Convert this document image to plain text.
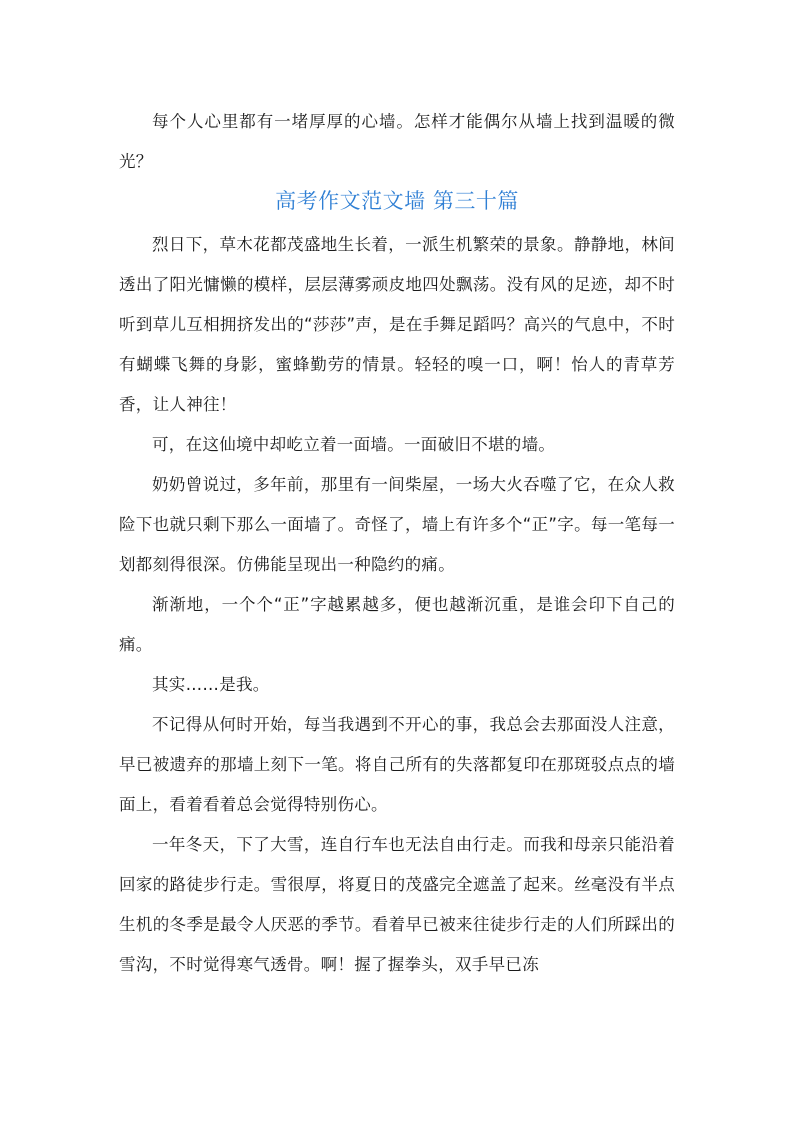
每个人心里都有一堵厚厚的心墙。怎样才能偶尔从墙上找到温暖的微光？

高考作文范文墙 第三十篇

烈日下，草木花都茂盛地生长着，一派生机繁荣的景象。静静地，林间透出了阳光慵懒的模样，层层薄雾顽皮地四处飘荡。没有风的足迹，却不时听到草儿互相拥挤发出的“莎莎”声，是在手舞足蹈吗？高兴的气息中，不时有蝴蝶飞舞的身影，蜜蜂勤劳的情景。轻轻的嗅一口，啊！怡人的青草芳香，让人神往！

可，在这仙境中却屹立着一面墙。一面破旧不堪的墙。

奶奶曾说过，多年前，那里有一间柴屋，一场大火吞噬了它，在众人救险下也就只剩下那么一面墙了。奇怪了，墙上有许多个“正”字。每一笔每一划都刻得很深。仿佛能呈现出一种隐约的痛。

渐渐地，一个个“正”字越累越多，便也越渐沉重，是谁会印下自己的痛。

其实……是我。

不记得从何时开始，每当我遇到不开心的事，我总会去那面没人注意，早已被遗弃的那墙上刻下一笔。将自己所有的失落都复印在那斑驳点点的墙面上，看着看着总会觉得特别伤心。

一年冬天，下了大雪，连自行车也无法自由行走。而我和母亲只能沿着回家的路徒步行走。雪很厚，将夏日的茂盛完全遮盖了起来。丝毫没有半点生机的冬季是最令人厌恶的季节。看着早已被来往徒步行走的人们所踩出的雪沟，不时觉得寒气透骨。啊！握了握拳头，双手早已冻
